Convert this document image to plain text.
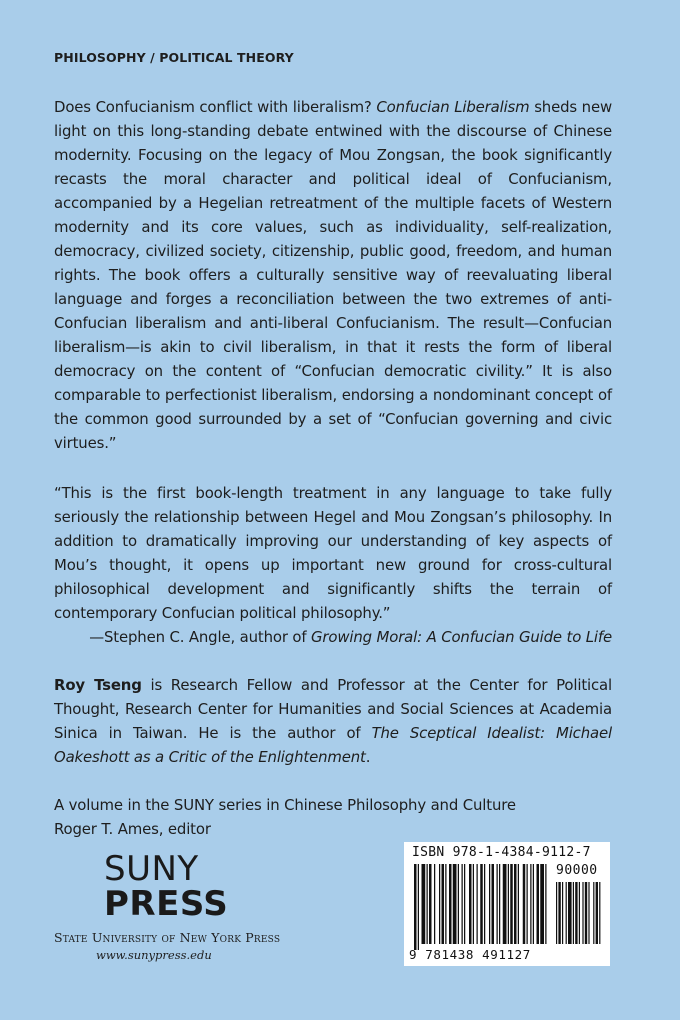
PHILOSOPHY / POLITICAL THEORY

Does Confucianism conflict with liberalism? Confucian Liberalism sheds new light on this long-standing debate entwined with the discourse of Chinese modernity. Focusing on the legacy of Mou Zongsan, the book significantly recasts the moral character and political ideal of Confucianism, accompanied by a Hegelian retreatment of the multiple facets of Western modernity and its core values, such as individuality, self-realization, democracy, civilized society, citizenship, public good, freedom, and human rights. The book offers a culturally sensitive way of reevaluating liberal language and forges a reconciliation between the two extremes of anti-Confucian liberalism and anti-liberal Confucianism. The result—Confucian liberalism—is akin to civil liberalism, in that it rests the form of liberal democracy on the content of “Confucian democratic civility.” It is also comparable to perfectionist liberalism, endorsing a nondominant concept of the common good surrounded by a set of “Confucian governing and civic virtues.”

“This is the first book-length treatment in any language to take fully seriously the relationship between Hegel and Mou Zongsan’s philosophy. In addition to dramatically improving our understanding of key aspects of Mou’s thought, it opens up important new ground for cross-cultural philosophical development and significantly shifts the terrain of contemporary Confucian political philosophy.”

—Stephen C. Angle, author of Growing Moral: A Confucian Guide to Life

Roy Tseng is Research Fellow and Professor at the Center for Political Thought, Research Center for Humanities and Social Sciences at Academia Sinica in Taiwan. He is the author of The Sceptical Idealist: Michael Oakeshott as a Critic of the Enlightenment.

A volume in the SUNY series in Chinese Philosophy and Culture
Roger T. Ames, editor
SUNY
PRESS
State University of New York Press
www.sunypress.edu
ISBN 978-1-4384-9112-7
90000
9 781438 491127
